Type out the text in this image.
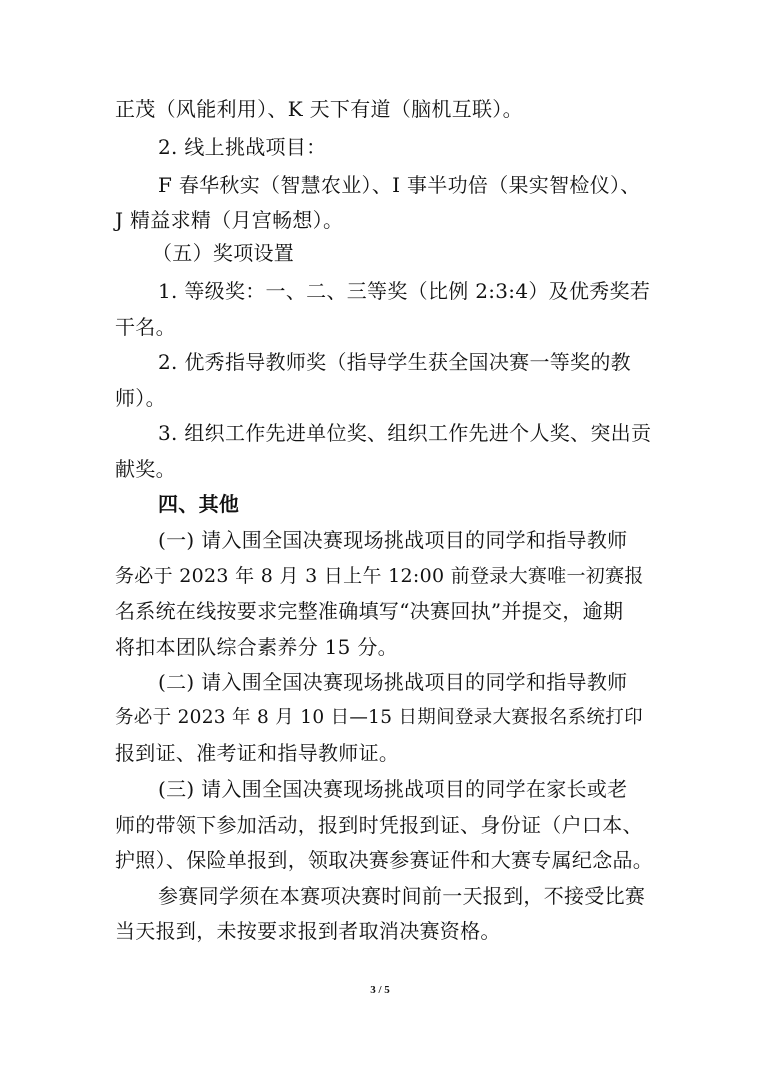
正茂（风能利用）、K 天下有道（脑机互联）。
2. 线上挑战项目：
F 春华秋实（智慧农业）、I 事半功倍（果实智检仪）、
J 精益求精（月宫畅想）。
（五）奖项设置
1. 等级奖：一、二、三等奖（比例 2:3:4）及优秀奖若
干名。
2. 优秀指导教师奖（指导学生获全国决赛一等奖的教
师）。
3. 组织工作先进单位奖、组织工作先进个人奖、突出贡
献奖。
四、其他
(一) 请入围全国决赛现场挑战项目的同学和指导教师
务必于 2023 年 8 月 3 日上午 12:00 前登录大赛唯一初赛报
名系统在线按要求完整准确填写“决赛回执”并提交，逾期
将扣本团队综合素养分 15 分。
(二) 请入围全国决赛现场挑战项目的同学和指导教师
务必于 2023 年 8 月 10 日—15 日期间登录大赛报名系统打印
报到证、准考证和指导教师证。
(三) 请入围全国决赛现场挑战项目的同学在家长或老
师的带领下参加活动，报到时凭报到证、身份证（户口本、
护照）、保险单报到，领取决赛参赛证件和大赛专属纪念品。
参赛同学须在本赛项决赛时间前一天报到，不接受比赛
当天报到，未按要求报到者取消决赛资格。
3 / 5
